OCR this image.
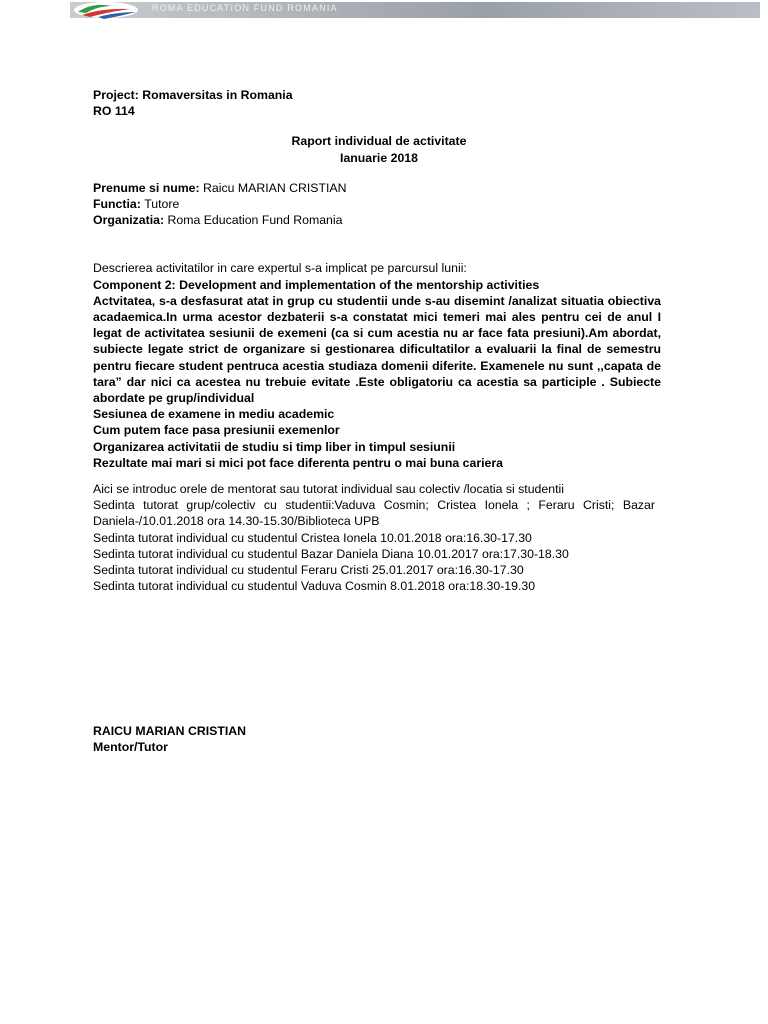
ROMA EDUCATION FUND ROMANIA

Project: Romaversitas in Romania

RO 114

Raport individual de activitate

Ianuarie 2018

Prenume si nume: Raicu MARIAN CRISTIAN

Functia: Tutore

Organizatia: Roma Education Fund Romania

Descrierea activitatilor in care expertul s-a implicat pe parcursul lunii:

Component 2: Development and implementation of the mentorship activities

Actvitatea, s-a desfasurat atat in grup cu studentii unde s-au disemint /analizat situatia obiectiva acadaemica.In urma acestor dezbaterii s-a constatat mici temeri mai ales pentru cei de anul I legat de activitatea sesiunii de exemeni (ca si cum acestia nu ar face fata presiuni).Am abordat, subiecte legate strict de organizare si gestionarea dificultatilor a evaluarii la final de semestru pentru fiecare student pentruca acestia studiaza domenii diferite. Examenele nu sunt ,,capata de tara” dar nici ca acestea nu trebuie evitate .Este obligatoriu ca acestia sa participle . Subiecte abordate pe grup/individual

Sesiunea de examene in mediu academic

Cum putem face pasa presiunii exemenlor

Organizarea activitatii de studiu si timp liber in timpul sesiunii

Rezultate mai mari si mici pot face diferenta pentru o mai buna cariera

Aici se introduc orele de mentorat sau tutorat individual sau colectiv /locatia si studentii

Sedinta tutorat grup/colectiv cu studentii:Vaduva Cosmin; Cristea Ionela ; Feraru Cristi; Bazar Daniela-/10.01.2018 ora 14.30-15.30/Biblioteca UPB

Sedinta tutorat individual cu studentul Cristea Ionela 10.01.2018 ora:16.30-17.30

Sedinta tutorat individual cu studentul Bazar Daniela Diana 10.01.2017 ora:17.30-18.30

Sedinta tutorat individual cu studentul Feraru Cristi 25.01.2017 ora:16.30-17.30

Sedinta tutorat individual cu studentul Vaduva Cosmin 8.01.2018 ora:18.30-19.30

RAICU MARIAN CRISTIAN

Mentor/Tutor
